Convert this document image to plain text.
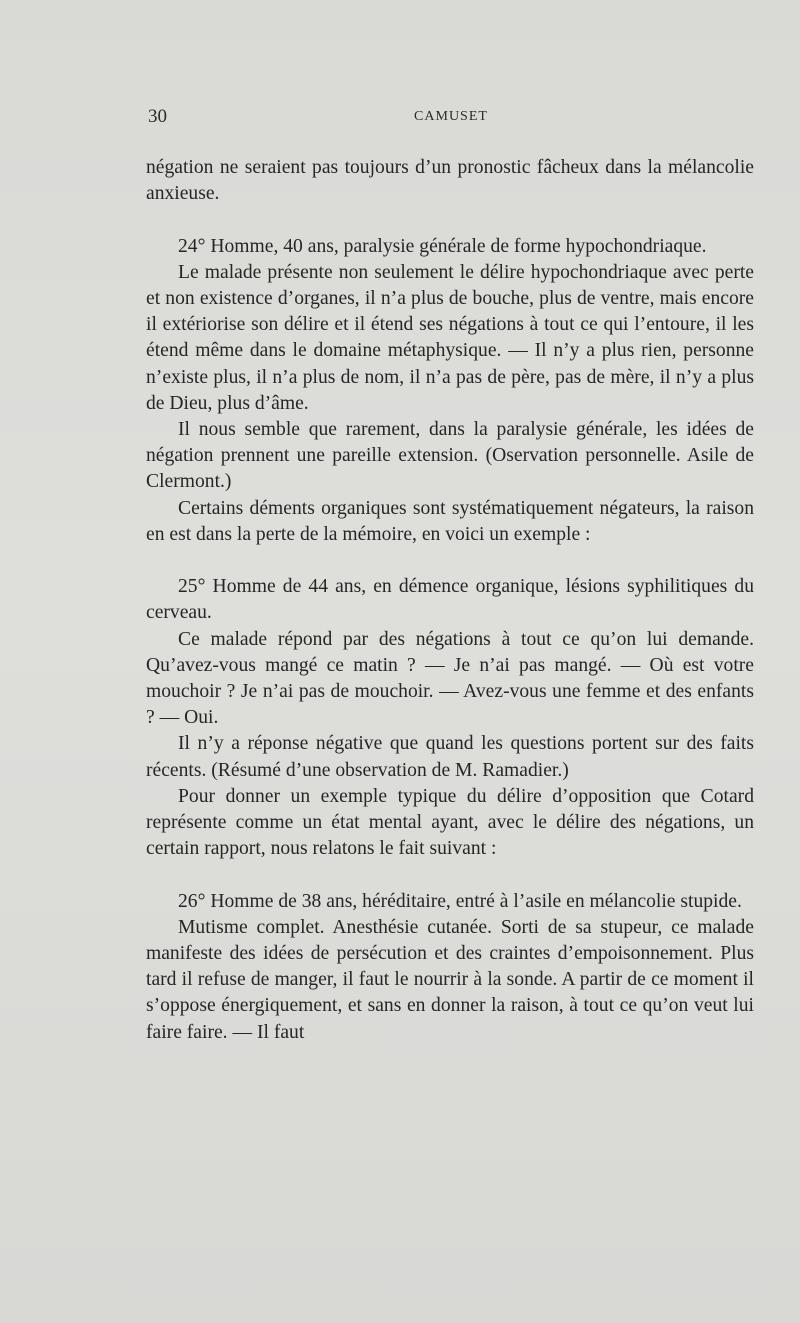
30	CAMUSET

négation ne seraient pas toujours d’un pronostic fâcheux dans la mélancolie anxieuse.

24° Homme, 40 ans, paralysie générale de forme hypochondriaque.

Le malade présente non seulement le délire hypochondriaque avec perte et non existence d’organes, il n’a plus de bouche, plus de ventre, mais encore il extériorise son délire et il étend ses négations à tout ce qui l’entoure, il les étend même dans le domaine métaphysique. — Il n’y a plus rien, personne n’existe plus, il n’a plus de nom, il n’a pas de père, pas de mère, il n’y a plus de Dieu, plus d’âme.

Il nous semble que rarement, dans la paralysie générale, les idées de négation prennent une pareille extension. (Oservation personnelle. Asile de Clermont.)

Certains déments organiques sont systématiquement négateurs, la raison en est dans la perte de la mémoire, en voici un exemple :

25° Homme de 44 ans, en démence organique, lésions syphilitiques du cerveau.

Ce malade répond par des négations à tout ce qu’on lui demande. Qu’avez-vous mangé ce matin ? — Je n’ai pas mangé. — Où est votre mouchoir ? Je n’ai pas de mouchoir. — Avez-vous une femme et des enfants ? — Oui.

Il n’y a réponse négative que quand les questions portent sur des faits récents. (Résumé d’une observation de M. Ramadier.)

Pour donner un exemple typique du délire d’opposition que Cotard représente comme un état mental ayant, avec le délire des négations, un certain rapport, nous relatons le fait suivant :

26° Homme de 38 ans, héréditaire, entré à l’asile en mélancolie stupide.

Mutisme complet. Anesthésie cutanée. Sorti de sa stupeur, ce malade manifeste des idées de persécution et des craintes d’empoisonnement. Plus tard il refuse de manger, il faut le nourrir à la sonde. A partir de ce moment il s’oppose énergiquement, et sans en donner la raison, à tout ce qu’on veut lui faire faire. — Il faut
